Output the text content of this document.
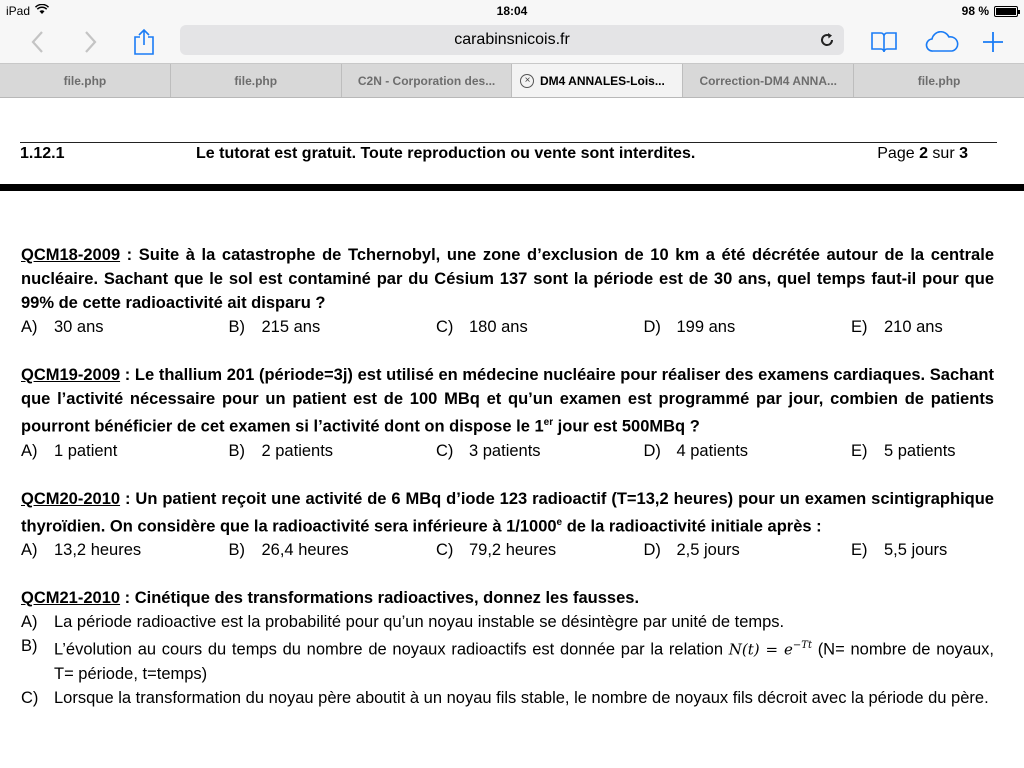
iPad	18:04	98 %
carabinsnicois.fr
file.php	file.php	C2N - Corporation des...	× DM4 ANNALES-Lois...	Correction-DM4 ANNA...	file.php
1.12.1	Le tutorat est gratuit. Toute reproduction ou vente sont interdites.	Page 2 sur 3
QCM18-2009 : Suite à la catastrophe de Tchernobyl, une zone d’exclusion de 10 km a été décrétée autour de la centrale nucléaire. Sachant que le sol est contaminé par du Césium 137 sont la période est de 30 ans, quel temps faut-il pour que 99% de cette radioactivité ait disparu ?
A) 30 ans	B) 215 ans	C) 180 ans	D) 199 ans	E) 210 ans
QCM19-2009 : Le thallium 201 (période=3j) est utilisé en médecine nucléaire pour réaliser des examens cardiaques. Sachant que l’activité nécessaire pour un patient est de 100 MBq et qu’un examen est programmé par jour, combien de patients pourront bénéficier de cet examen si l’activité dont on dispose le 1er jour est 500MBq ?
A) 1 patient	B) 2 patients	C) 3 patients	D) 4 patients	E) 5 patients
QCM20-2010 : Un patient reçoit une activité de 6 MBq d’iode 123 radioactif (T=13,2 heures) pour un examen scintigraphique thyroïdien. On considère que la radioactivité sera inférieure à 1/1000e de la radioactivité initiale après :
A) 13,2 heures	B) 26,4 heures	C) 79,2 heures	D) 2,5 jours	E) 5,5 jours
QCM21-2010 : Cinétique des transformations radioactives, donnez les fausses.
A)	La période radioactive est la probabilité pour qu’un noyau instable se désintègre par unité de temps.
B)	L’évolution au cours du temps du nombre de noyaux radioactifs est donnée par la relation $N(t) = e^{-Tt}$ (N= nombre de noyaux, T= période, t=temps)
C) Lorsque la transformation du noyau père aboutit à un noyau fils stable, le nombre de noyaux fils décroit avec la période du père.
